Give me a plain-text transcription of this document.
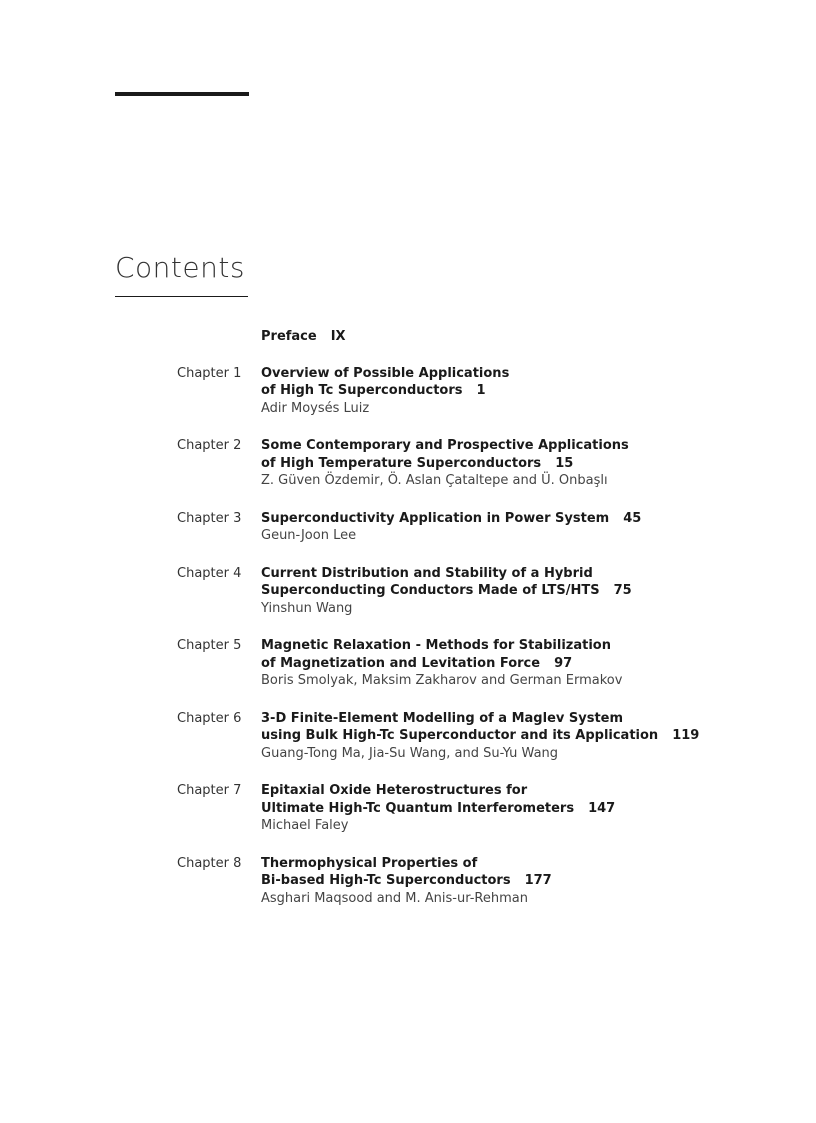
Contents
Preface IX
Chapter 1 Overview of Possible Applications
of High Tc Superconductors 1
Adir Moysés Luiz
Chapter 2 Some Contemporary and Prospective Applications
of High Temperature Superconductors 15
Z. Güven Özdemir, Ö. Aslan Çataltepe and Ü. Onbaşlı
Chapter 3 Superconductivity Application in Power System 45
Geun-Joon Lee
Chapter 4 Current Distribution and Stability of a Hybrid
Superconducting Conductors Made of LTS/HTS 75
Yinshun Wang
Chapter 5 Magnetic Relaxation - Methods for Stabilization
of Magnetization and Levitation Force 97
Boris Smolyak, Maksim Zakharov and German Ermakov
Chapter 6 3-D Finite-Element Modelling of a Maglev System
using Bulk High-Tc Superconductor and its Application 119
Guang-Tong Ma, Jia-Su Wang, and Su-Yu Wang
Chapter 7 Epitaxial Oxide Heterostructures for
Ultimate High-Tc Quantum Interferometers 147
Michael Faley
Chapter 8 Thermophysical Properties of
Bi-based High-Tc Superconductors 177
Asghari Maqsood and M. Anis-ur-Rehman
